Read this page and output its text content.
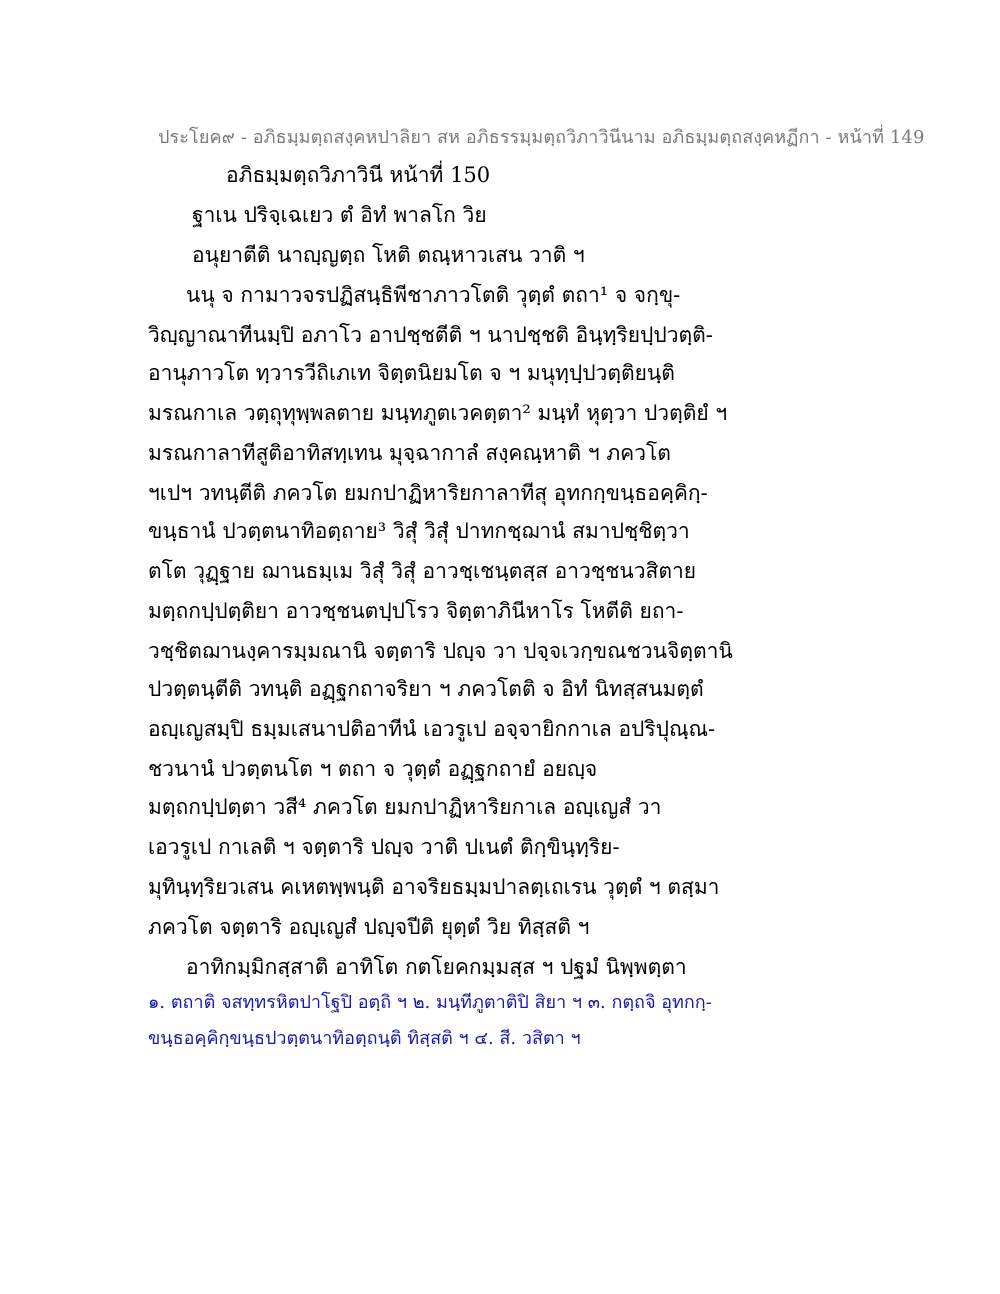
ประโยค๙ - อภิธมฺมตฺถสงฺคหปาลิยา สห อภิธรรมฺมตฺถวิภาวินีนาม อภิธมฺมตฺถสงฺคหฏีกา - หน้าที่ 149
อภิธมฺมตฺถวิภาวินี หน้าที่ 150
ฐาเน ปริจฺเฉเยว ตํ อิทํ พาลโก วิย
อนุยาตีติ นาญฺญตฺถ โหติ ตณฺหาวเสน วาติ ฯ
นนุ จ กามาวจรปฏิสนฺธิพีชาภาวโตติ วุตฺตํ ตถา¹ จ จกฺขุ-
วิญฺญาณาทีนมฺปิ อภาโว อาปชฺชตีติ ฯ นาปชฺชติ อินฺทฺริยปฺปวตฺติ-
อานุภาวโต ทฺวารวีถิเภเท จิตฺตนิยมโต จ ฯ มนุทฺปฺปวตฺติยนฺติ
มรณกาเล วตฺถุทุพฺพลตาย มนฺทภูตเวคตฺตา² มนฺทํ หุตฺวา ปวตฺติยํ ฯ
มรณกาลาทีสูติอาทิสทฺเทน มุจฺฉากาลํ สงฺคณฺหาติ ฯ ภควโต
ฯเปฯ วทนฺตีติ ภควโต ยมกปาฏิหาริยกาลาทีสุ อุทกกฺขนฺธอคฺคิกฺ-
ขนฺธานํ ปวตฺตนาทิอตฺถาย³ วิสุํ วิสุํ ปาทกชฺฌานํ สมาปชฺชิตฺวา
ตโต วุฏฺฐาย ฌานธมฺเม วิสุํ วิสุํ อาวชฺเชนฺตสฺส อาวชฺชนวสิตาย
มตฺถกปฺปตฺติยา อาวชฺชนตปฺปโรว จิตฺตาภินีหาโร โหตีติ ยถา-
วชฺชิตฌานงฺคารมฺมณานิ จตฺตาริ ปญฺจ วา ปจฺจเวกฺขณชวนจิตฺตานิ
ปวตฺตนฺตีติ วทนฺติ อฏฺฐกถาจริยา ฯ ภควโตติ จ อิทํ นิทสฺสนมตฺตํ
อญฺเญสมฺปิ ธมฺมเสนาปติอาทีนํ เอวรูเป อจฺจายิกกาเล อปริปุณฺณ-
ชวนานํ ปวตฺตนโต ฯ ตถา จ วุตฺตํ อฏฺฐกถายํ อยญฺจ
มตฺถกปฺปตฺตา วสี⁴ ภควโต ยมกปาฏิหาริยกาเล อญฺเญสํ วา
เอวรูเป กาเลติ ฯ จตฺตาริ ปญฺจ วาติ ปเนตํ ติกฺขินฺทฺริย-
มุทินฺทฺริยวเสน คเหตพฺพนฺติ อาจริยธมฺมปาลตฺเถเรน วุตฺตํ ฯ ตสฺมา
ภควโต จตฺตาริ อญฺเญสํ ปญฺจปีติ ยุตฺตํ วิย ทิสฺสติ ฯ
อาทิกมฺมิกสฺสาติ อาทิโต กตโยคกมฺมสฺส ฯ ปฐมํ นิพฺพตฺตา
๑. ตถาติ จสทฺทรหิตปาโฐปิ อตฺถิ ฯ ๒. มนฺทีภูตาติปิ สิยา ฯ ๓. กตฺถจิ อุทกกฺ-
ขนฺธอคฺคิกฺขนฺธปวตฺตนาทิอตฺถนฺติ ทิสฺสติ ฯ ๔. สี. วสิตา ฯ
